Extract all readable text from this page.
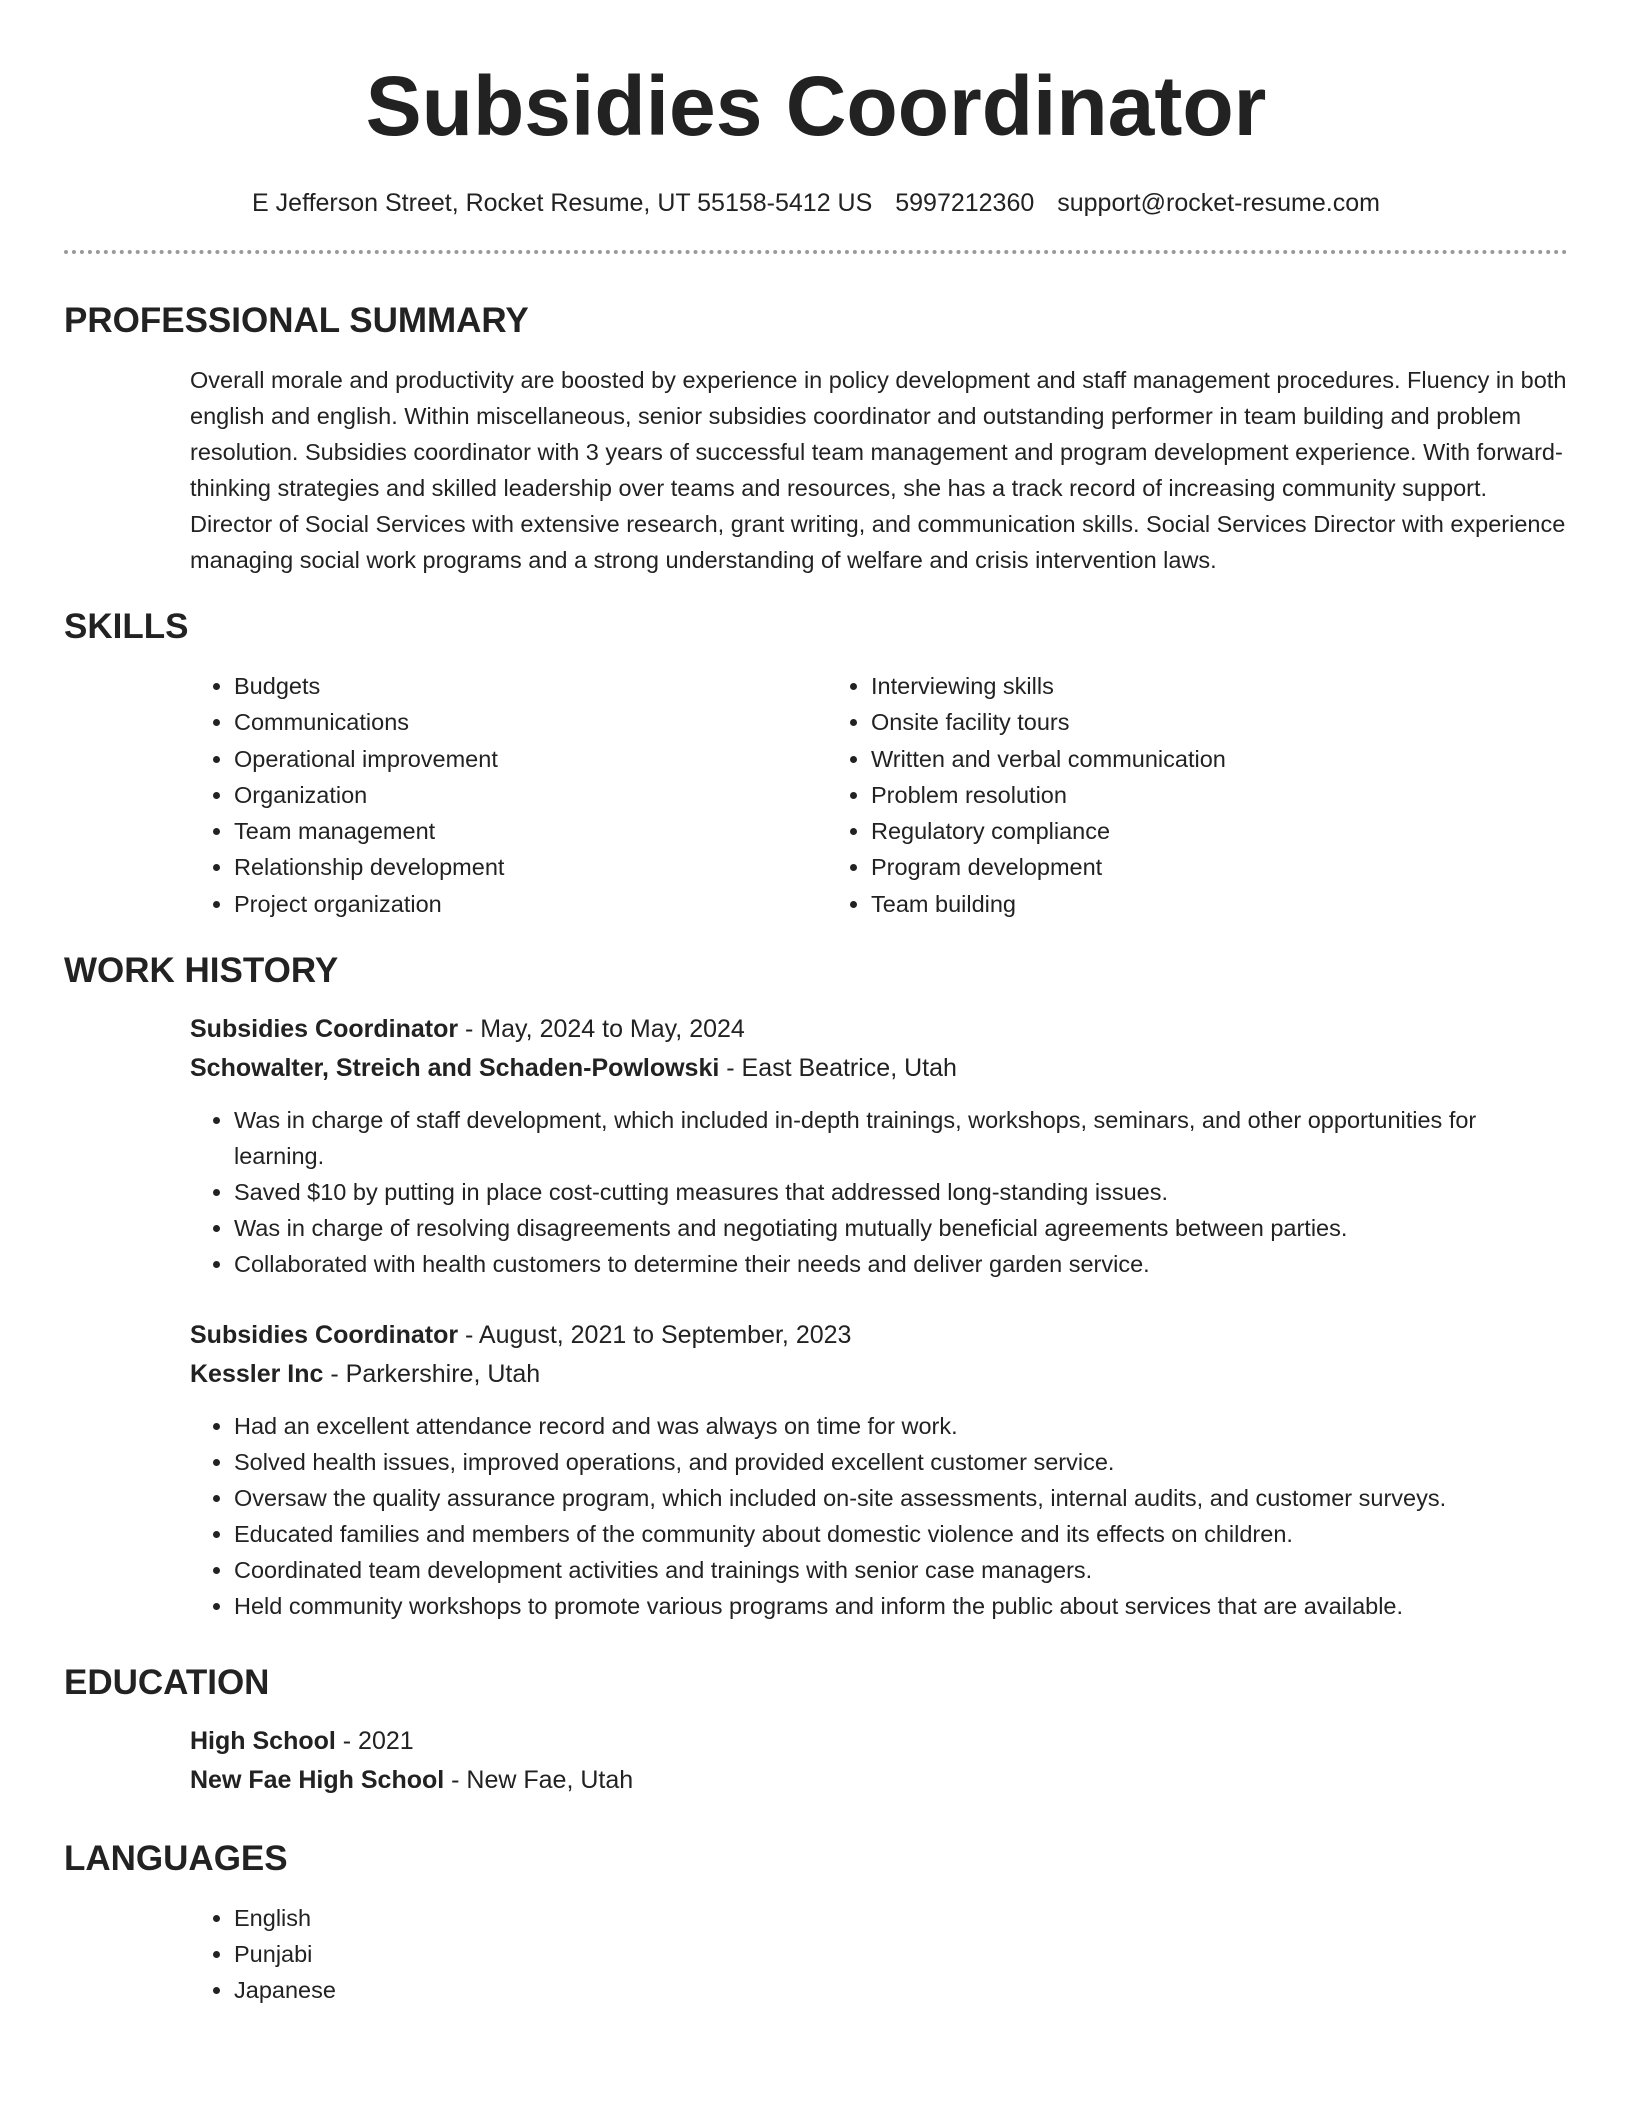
Subsidies Coordinator
E Jefferson Street, Rocket Resume, UT 55158-5412 US 5997212360 support@rocket-resume.com
PROFESSIONAL SUMMARY

Overall morale and productivity are boosted by experience in policy development and staff management procedures. Fluency in both english and english. Within miscellaneous, senior subsidies coordinator and outstanding performer in team building and problem resolution. Subsidies coordinator with 3 years of successful team management and program development experience. With forward-thinking strategies and skilled leadership over teams and resources, she has a track record of increasing community support. Director of Social Services with extensive research, grant writing, and communication skills. Social Services Director with experience managing social work programs and a strong understanding of welfare and crisis intervention laws.

SKILLS
• Budgets
• Communications
• Operational improvement
• Organization
• Team management
• Relationship development
• Project organization
• Interviewing skills
• Onsite facility tours
• Written and verbal communication
• Problem resolution
• Regulatory compliance
• Program development
• Team building
WORK HISTORY
Subsidies Coordinator - May, 2024 to May, 2024
Schowalter, Streich and Schaden-Powlowski - East Beatrice, Utah
• Was in charge of staff development, which included in-depth trainings, workshops, seminars, and other opportunities for learning.
• Saved $10 by putting in place cost-cutting measures that addressed long-standing issues.
• Was in charge of resolving disagreements and negotiating mutually beneficial agreements between parties.
• Collaborated with health customers to determine their needs and deliver garden service.
Subsidies Coordinator - August, 2021 to September, 2023
Kessler Inc - Parkershire, Utah
• Had an excellent attendance record and was always on time for work.
• Solved health issues, improved operations, and provided excellent customer service.
• Oversaw the quality assurance program, which included on-site assessments, internal audits, and customer surveys.
• Educated families and members of the community about domestic violence and its effects on children.
• Coordinated team development activities and trainings with senior case managers.
• Held community workshops to promote various programs and inform the public about services that are available.
EDUCATION
High School - 2021
New Fae High School - New Fae, Utah
LANGUAGES
• English
• Punjabi
• Japanese
